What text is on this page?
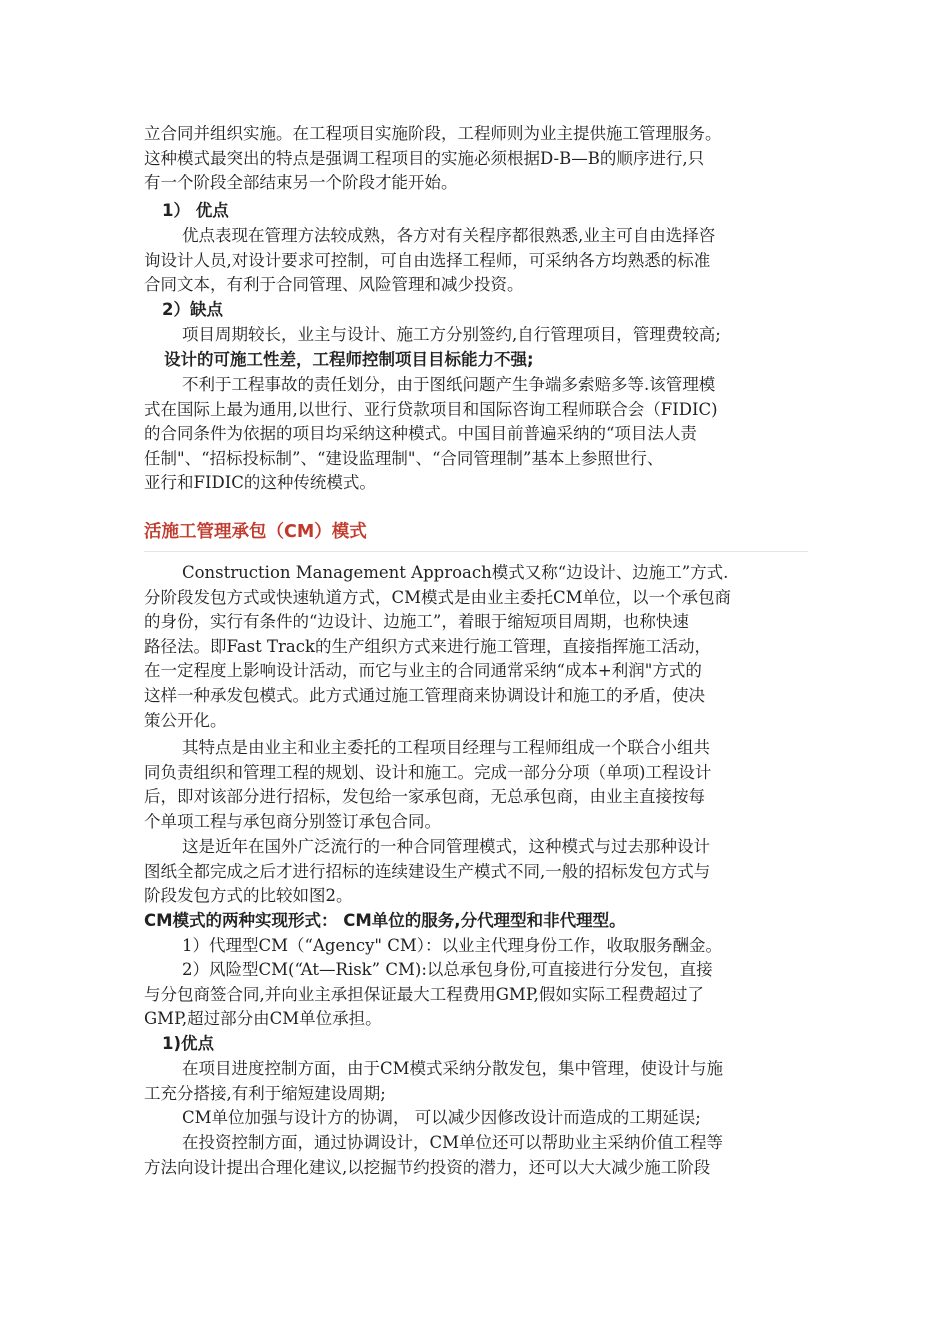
立合同并组织实施。在工程项目实施阶段，工程师则为业主提供施工管理服务。

这种模式最突出的特点是强调工程项目的实施必须根据D-B—B的顺序进行,只

有一个阶段全部结束另一个阶段才能开始。

1） 优点

优点表现在管理方法较成熟，各方对有关程序都很熟悉,业主可自由选择咨

询设计人员,对设计要求可控制，可自由选择工程师，可采纳各方均熟悉的标准

合同文本，有利于合同管理、风险管理和减少投资。

2）缺点

项目周期较长，业主与设计、施工方分别签约,自行管理项目，管理费较高;

设计的可施工性差，工程师控制项目目标能力不强;

不利于工程事故的责任划分，由于图纸问题产生争端多索赔多等.该管理模

式在国际上最为通用,以世行、亚行贷款项目和国际咨询工程师联合会（FIDIC)

的合同条件为依据的项目均采纳这种模式。中国目前普遍采纳的“项目法人责

任制"、“招标投标制”、“建设监理制"、“合同管理制”基本上参照世行、

亚行和FIDIC的这种传统模式。

活施工管理承包（CM）模式

Construction Management Approach模式又称“边设计、边施工”方式.

分阶段发包方式或快速轨道方式，CM模式是由业主委托CM单位，以一个承包商

的身份，实行有条件的“边设计、边施工”，着眼于缩短项目周期，也称快速

路径法。即Fast Track的生产组织方式来进行施工管理，直接指挥施工活动，

在一定程度上影响设计活动，而它与业主的合同通常采纳“成本+利润"方式的

这样一种承发包模式。此方式通过施工管理商来协调设计和施工的矛盾，使决

策公开化。

其特点是由业主和业主委托的工程项目经理与工程师组成一个联合小组共

同负责组织和管理工程的规划、设计和施工。完成一部分分项（单项)工程设计

后，即对该部分进行招标，发包给一家承包商，无总承包商，由业主直接按每

个单项工程与承包商分别签订承包合同。

这是近年在国外广泛流行的一种合同管理模式，这种模式与过去那种设计

图纸全都完成之后才进行招标的连续建设生产模式不同,一般的招标发包方式与

阶段发包方式的比较如图2。

CM模式的两种实现形式： CM单位的服务,分代理型和非代理型。

1）代理型CM（“Agency" CM）：以业主代理身份工作，收取服务酬金。

2）风险型CM(“At—Risk” CM):以总承包身份,可直接进行分发包，直接

与分包商签合同,并向业主承担保证最大工程费用GMP,假如实际工程费超过了

GMP,超过部分由CM单位承担。

1)优点

在项目进度控制方面，由于CM模式采纳分散发包，集中管理，使设计与施

工充分搭接,有利于缩短建设周期;

CM单位加强与设计方的协调， 可以减少因修改设计而造成的工期延误;

在投资控制方面，通过协调设计，CM单位还可以帮助业主采纳价值工程等

方法向设计提出合理化建议,以挖掘节约投资的潜力，还可以大大减少施工阶段
